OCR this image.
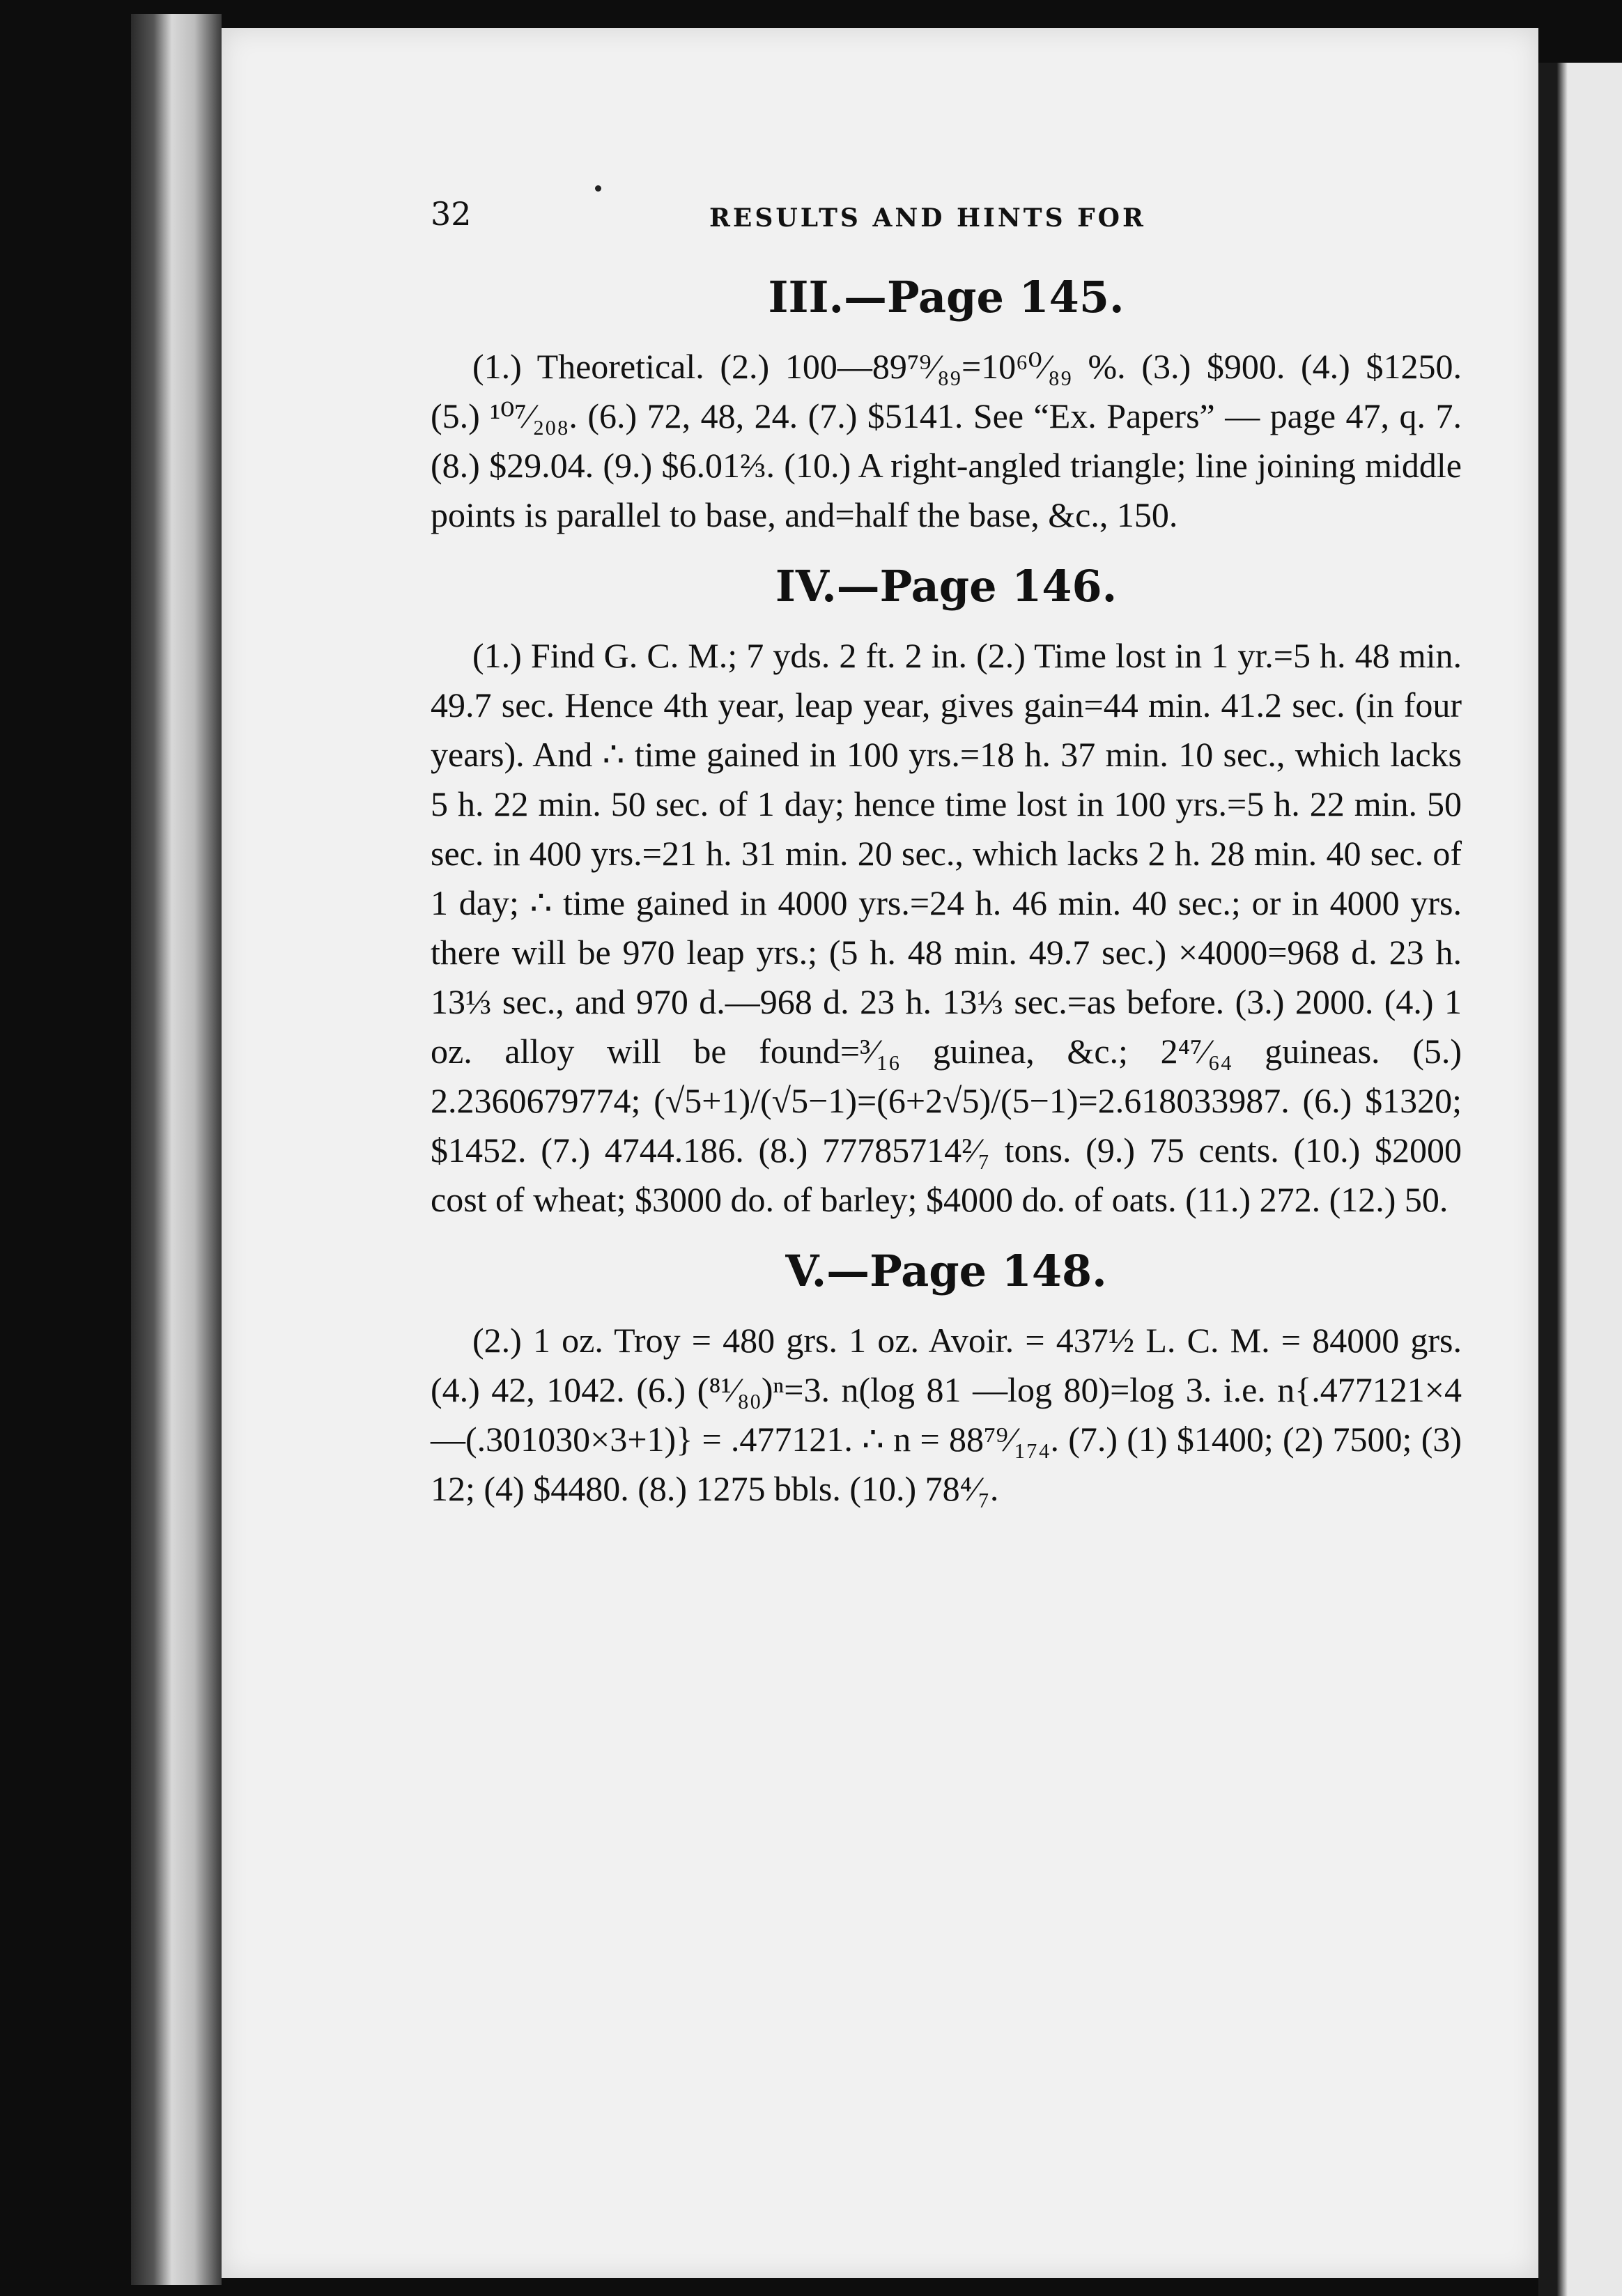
32	RESULTS AND HINTS FOR
III.—Page 145.
(1.) Theoretical. (2.) 100—89⁷⁹⁄₈₉=10⁶⁰⁄₈₉ %. (3.) $900. (4.) $1250. (5.) ¹⁰⁷⁄₂₀₈. (6.) 72, 48, 24. (7.) $5141. See “Ex. Papers” — page 47, q. 7. (8.) $29.04. (9.) $6.01⅔. (10.) A right-angled triangle; line joining middle points is parallel to base, and=half the base, &c., 150.
IV.—Page 146.
(1.) Find G. C. M.; 7 yds. 2 ft. 2 in. (2.) Time lost in 1 yr.=5 h. 48 min. 49.7 sec. Hence 4th year, leap year, gives gain=44 min. 41.2 sec. (in four years). And ∴ time gained in 100 yrs.=18 h. 37 min. 10 sec., which lacks 5 h. 22 min. 50 sec. of 1 day; hence time lost in 100 yrs.=5 h. 22 min. 50 sec. in 400 yrs.=21 h. 31 min. 20 sec., which lacks 2 h. 28 min. 40 sec. of 1 day; ∴ time gained in 4000 yrs.=24 h. 46 min. 40 sec.; or in 4000 yrs. there will be 970 leap yrs.; (5 h. 48 min. 49.7 sec.) ×4000=968 d. 23 h. 13⅓ sec., and 970 d.—968 d. 23 h. 13⅓ sec.=as before. (3.) 2000. (4.) 1 oz. alloy will be found=³⁄₁₆ guinea, &c.; 2⁴⁷⁄₆₄ guineas. (5.) 2.2360679774; (√5+1)/(√5−1)=(6+2√5)/(5−1)=2.618033987. (6.) $1320; $1452. (7.) 4744.186. (8.) 77785714²⁄₇ tons. (9.) 75 cents. (10.) $2000 cost of wheat; $3000 do. of barley; $4000 do. of oats. (11.) 272. (12.) 50.
V.—Page 148.
(2.) 1 oz. Troy = 480 grs. 1 oz. Avoir. = 437½ L. C. M. = 84000 grs. (4.) 42, 1042. (6.) (⁸¹⁄₈₀)ⁿ=3. n(log 81 —log 80)=log 3. i.e. n{.477121×4—(.301030×3+1)} = .477121. ∴ n = 88⁷⁹⁄₁₇₄. (7.) (1) $1400; (2) 7500; (3) 12; (4) $4480. (8.) 1275 bbls. (10.) 78⁴⁄₇.
